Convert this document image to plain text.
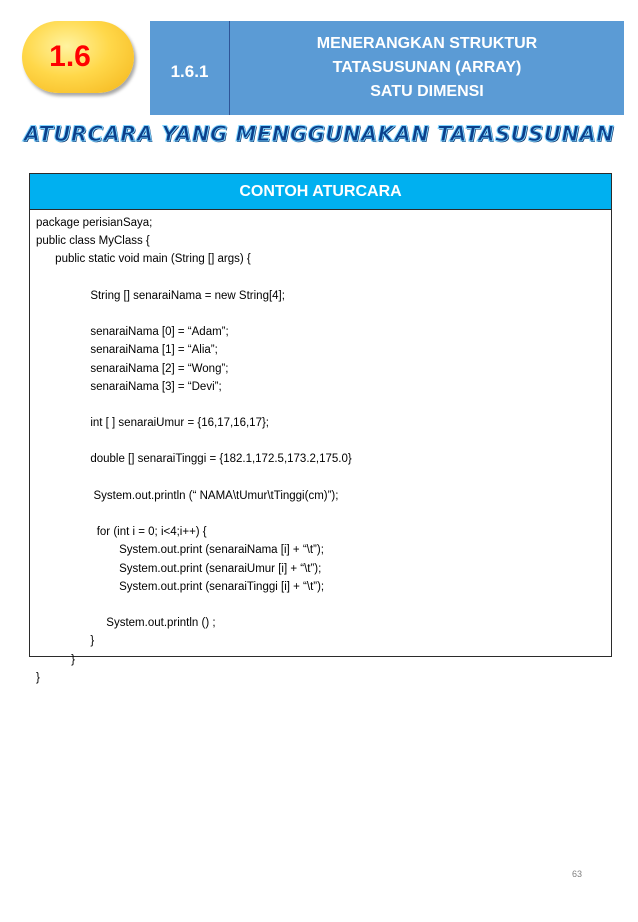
1.6	1.6.1
MENERANGKAN STRUKTUR
TATASUSUNAN (ARRAY)
SATU DIMENSI
ATURCARA YANG MENGGUNAKAN TATASUSUNAN
CONTOH ATURCARA
package perisianSaya;
public class MyClass {
public static void main (String [] args) {
String [] senaraiNama = new String[4];
senaraiNama [0] = “Adam”;
senaraiNama [1] = “Alia”;
senaraiNama [2] = “Wong”;
senaraiNama [3] = “Devi”;
int [ ] senaraiUmur = {16,17,16,17};
double [] senaraiTinggi = {182.1,172.5,173.2,175.0}
System.out.println (“ NAMA\tUmur\tTinggi(cm)”);
for (int i = 0; i<4;i++) {
System.out.print (senaraiNama [i] + “\t”);
System.out.print (senaraiUmur [i] + “\t”);
System.out.print (senaraiTinggi [i] + “\t”);
System.out.println () ;
}
}
}
63
